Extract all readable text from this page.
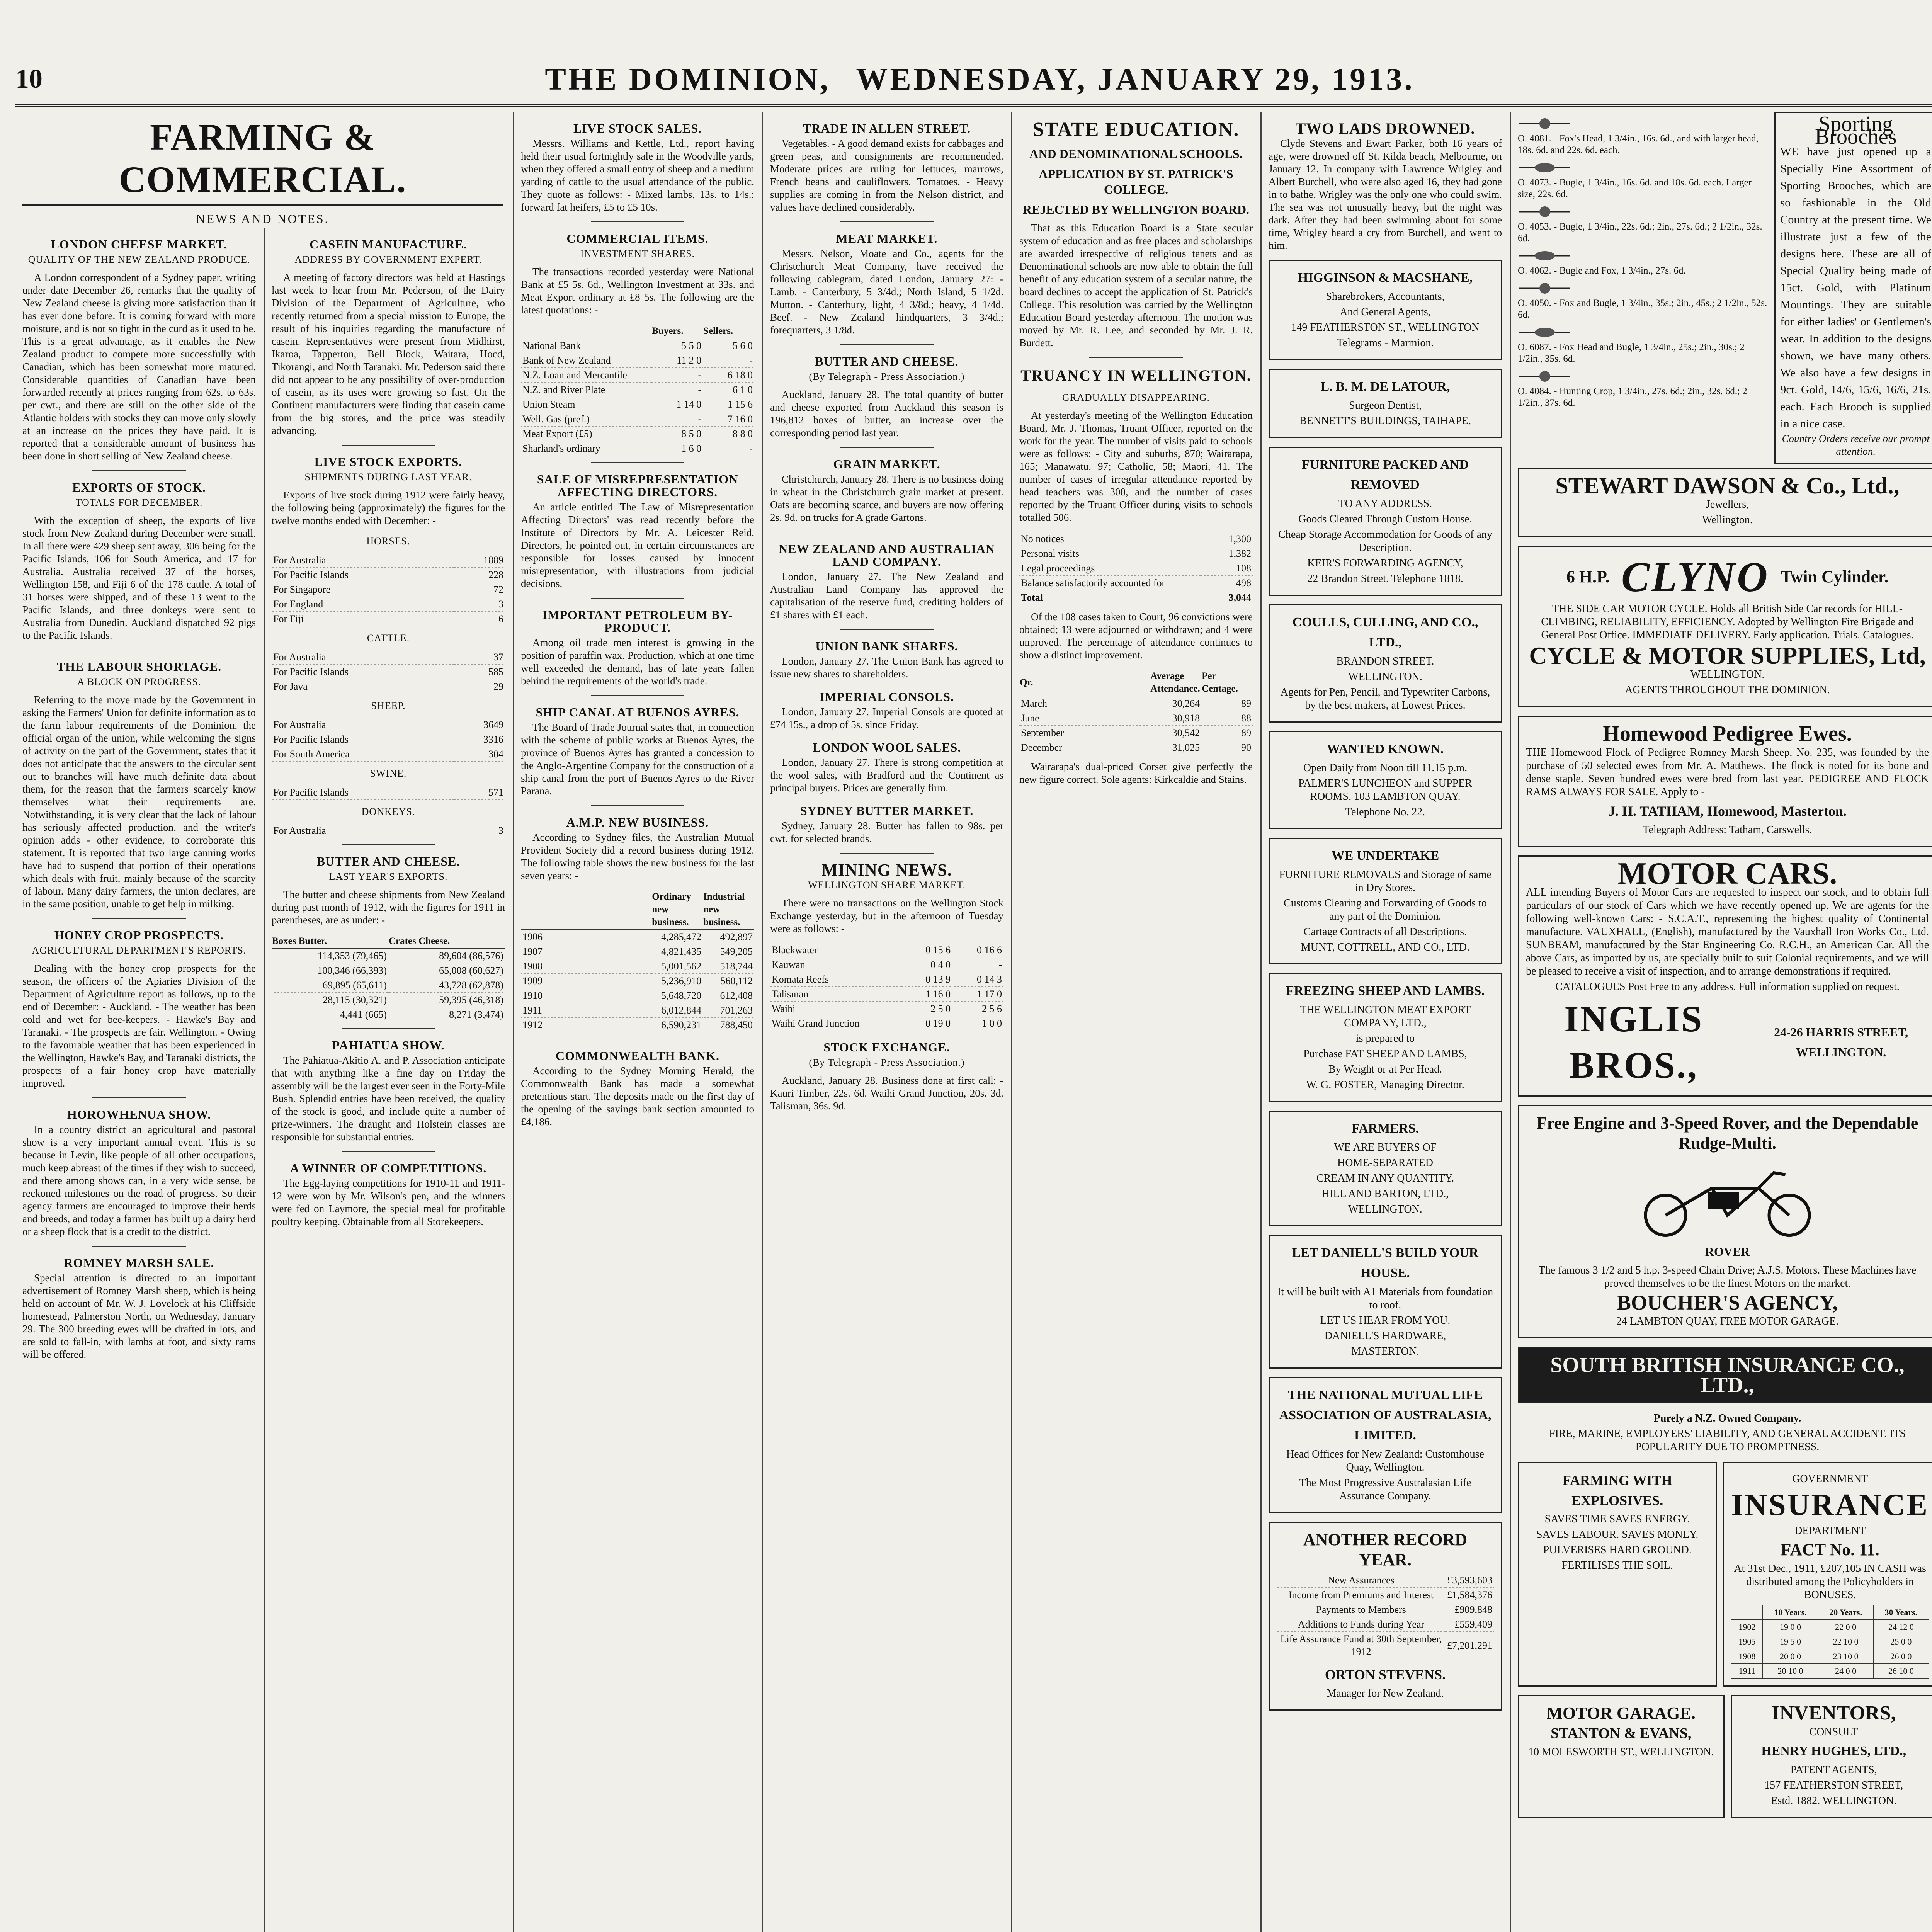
10	THE DOMINION, WEDNESDAY, JANUARY 29, 1913.
FARMING & COMMERCIAL.
NEWS AND NOTES.
LONDON CHEESE MARKET.
QUALITY OF THE NEW ZEALAND PRODUCE.

A London correspondent of a Sydney paper, writing under date December 26, remarks that the quality of New Zealand cheese is giving more satisfaction than it has ever done before. It is coming forward with more moisture, and is not so tight in the curd as it used to be. This is a great advantage, as it enables the New Zealand product to compete more successfully with Canadian, which has been somewhat more matured. Considerable quantities of Canadian have been forwarded recently at prices ranging from 62s. to 63s. per cwt., and there are still on the other side of the Atlantic holders with stocks they can move only slowly at an increase on the prices they have paid. It is reported that a considerable amount of business has been done in short selling of New Zealand cheese.

EXPORTS OF STOCK.
TOTALS FOR DECEMBER.

With the exception of sheep, the exports of live stock from New Zealand during December were small. In all there were 429 sheep sent away, 306 being for the Pacific Islands, 106 for South America, and 17 for Australia. Australia received 37 of the horses, Wellington 158, and Fiji 6 of the 178 cattle. A total of 31 horses were shipped, and of these 13 went to the Pacific Islands, and three donkeys were sent to Australia from Dunedin. Auckland dispatched 92 pigs to the Pacific Islands.

THE LABOUR SHORTAGE.
A BLOCK ON PROGRESS.

Referring to the move made by the Government in asking the Farmers' Union for definite information as to the farm labour requirements of the Dominion, the official organ of the union, while welcoming the signs of activity on the part of the Government, states that it does not anticipate that the answers to the circular sent out to branches will have much definite data about them, for the reason that the farmers scarcely know themselves what their requirements are. Notwithstanding, it is very clear that the lack of labour has seriously affected production, and the writer's opinion adds - other evidence, to corroborate this statement. It is reported that two large canning works have had to suspend that portion of their operations which deals with fruit, mainly because of the scarcity of labour. Many dairy farmers, the union declares, are in the same position, unable to get help in milking.

HONEY CROP PROSPECTS.
AGRICULTURAL DEPARTMENT'S REPORTS.

Dealing with the honey crop prospects for the season, the officers of the Apiaries Division of the Department of Agriculture report as follows, up to the end of December: - Auckland. - The weather has been cold and wet for bee-keepers. - Hawke's Bay and Taranaki. - The prospects are fair. Wellington. - Owing to the favourable weather that has been experienced in the Wellington, Hawke's Bay, and Taranaki districts, the prospects of a fair honey crop have materially improved.

HOROWHENUA SHOW.

In a country district an agricultural and pastoral show is a very important annual event. This is so because in Levin, like people of all other occupations, much keep abreast of the times if they wish to succeed, and there among shows can, in a very wide sense, be reckoned milestones on the road of progress. So their agency farmers are encouraged to improve their herds and breeds, and today a farmer has built up a dairy herd or a sheep flock that is a credit to the district.

ROMNEY MARSH SALE.

Special attention is directed to an important advertisement of Romney Marsh sheep, which is being held on account of Mr. W. J. Lovelock at his Cliffside homestead, Palmerston North, on Wednesday, January 29. The 300 breeding ewes will be drafted in lots, and are sold to fall-in, with lambs at foot, and sixty rams will be offered.

CASEIN MANUFACTURE.
ADDRESS BY GOVERNMENT EXPERT.

A meeting of factory directors was held at Hastings last week to hear from Mr. Pederson, of the Dairy Division of the Department of Agriculture, who recently returned from a special mission to Europe, the result of his inquiries regarding the manufacture of casein. Representatives were present from Midhirst, Ikaroa, Tapperton, Bell Block, Waitara, Hocd, Tikorangi, and North Taranaki. Mr. Pederson said there did not appear to be any possibility of over-production of casein, as its uses were growing so fast. On the Continent manufacturers were finding that casein came from the big stores, and the price was steadily advancing.

LIVE STOCK EXPORTS.
SHIPMENTS DURING LAST YEAR.

Exports of live stock during 1912 were fairly heavy, the following being (approximately) the figures for the twelve months ended with December: -

HORSES.
For Australia	1889
For Pacific Islands	228
For Singapore	72
For England	3
For Fiji	6
CATTLE.
For Australia	37
For Pacific Islands	585
For Java	29
SHEEP.
For Australia	3649
For Pacific Islands	3316
For South America	304
SWINE.
For Pacific Islands	571
DONKEYS.
For Australia	3
BUTTER AND CHEESE.
LAST YEAR'S EXPORTS.

The butter and cheese shipments from New Zealand during past month of 1912, with the figures for 1911 in parentheses, are as under: -

Boxes Butter.	Crates Cheese.
114,353 (79,465)	89,604 (86,576)
100,346 (66,393)	65,008 (60,627)
69,895 (65,611)	43,728 (62,878)
28,115 (30,321)	59,395 (46,318)
4,441 (665)	8,271 (3,474)
PAHIATUA SHOW.

The Pahiatua-Akitio A. and P. Association anticipate that with anything like a fine day on Friday the assembly will be the largest ever seen in the Forty-Mile Bush. Splendid entries have been received, the quality of the stock is good, and include quite a number of prize-winners. The draught and Holstein classes are responsible for substantial entries.

A WINNER OF COMPETITIONS.

The Egg-laying competitions for 1910-11 and 1911-12 were won by Mr. Wilson's pen, and the winners were fed on Laymore, the special meal for profitable poultry keeping. Obtainable from all Storekeepers.

LIVE STOCK SALES.

Messrs. Williams and Kettle, Ltd., report having held their usual fortnightly sale in the Woodville yards, when they offered a small entry of sheep and a medium yarding of cattle to the usual attendance of the public. They quote as follows: - Mixed lambs, 13s. to 14s.; forward fat heifers, £5 to £5 10s.

COMMERCIAL ITEMS.
INVESTMENT SHARES.

The transactions recorded yesterday were National Bank at £5 5s. 6d., Wellington Investment at 33s. and Meat Export ordinary at £8 5s. The following are the latest quotations: -

	Buyers.	Sellers.
National Bank	5 5 0	5 6 0
Bank of New Zealand	11 2 0	-
N.Z. Loan and Mercantile	-	6 18 0
N.Z. and River Plate	-	6 1 0
Union Steam	1 14 0	1 15 6
Well. Gas (pref.)	-	7 16 0
Meat Export (£5)	8 5 0	8 8 0
Sharland's ordinary	1 6 0	-
SALE OF MISREPRESENTATION AFFECTING DIRECTORS.

An article entitled 'The Law of Misrepresentation Affecting Directors' was read recently before the Institute of Directors by Mr. A. Leicester Reid. Directors, he pointed out, in certain circumstances are responsible for losses caused by innocent misrepresentation, with illustrations from judicial decisions.

IMPORTANT PETROLEUM BY-PRODUCT.

Among oil trade men interest is growing in the position of paraffin wax. Production, which at one time well exceeded the demand, has of late years fallen behind the requirements of the world's trade.

SHIP CANAL AT BUENOS AYRES.

The Board of Trade Journal states that, in connection with the scheme of public works at Buenos Ayres, the province of Buenos Ayres has granted a concession to the Anglo-Argentine Company for the construction of a ship canal from the port of Buenos Ayres to the River Parana.

A.M.P. NEW BUSINESS.

According to Sydney files, the Australian Mutual Provident Society did a record business during 1912. The following table shows the new business for the last seven years: -

	Ordinary new business.	Industrial new business.
1906	4,285,472	492,897
1907	4,821,435	549,205
1908	5,001,562	518,744
1909	5,236,910	560,112
1910	5,648,720	612,408
1911	6,012,844	701,263
1912	6,590,231	788,450
COMMONWEALTH BANK.

According to the Sydney Morning Herald, the Commonwealth Bank has made a somewhat pretentious start. The deposits made on the first day of the opening of the savings bank section amounted to £4,186.

TRADE IN ALLEN STREET.

Vegetables. - A good demand exists for cabbages and green peas, and consignments are recommended. Moderate prices are ruling for lettuces, marrows, French beans and cauliflowers. Tomatoes. - Heavy supplies are coming in from the Nelson district, and values have declined considerably.

MEAT MARKET.

Messrs. Nelson, Moate and Co., agents for the Christchurch Meat Company, have received the following cablegram, dated London, January 27: - Lamb. - Canterbury, 5 3/4d.; North Island, 5 1/2d. Mutton. - Canterbury, light, 4 3/8d.; heavy, 4 1/4d. Beef. - New Zealand hindquarters, 3 3/4d.; forequarters, 3 1/8d.

BUTTER AND CHEESE.
(By Telegraph - Press Association.)

Auckland, January 28. The total quantity of butter and cheese exported from Auckland this season is 196,812 boxes of butter, an increase over the corresponding period last year.

GRAIN MARKET.

Christchurch, January 28. There is no business doing in wheat in the Christchurch grain market at present. Oats are becoming scarce, and buyers are now offering 2s. 9d. on trucks for A grade Gartons.

NEW ZEALAND AND AUSTRALIAN LAND COMPANY.

London, January 27. The New Zealand and Australian Land Company has approved the capitalisation of the reserve fund, crediting holders of £1 shares with £1 each.

UNION BANK SHARES.

London, January 27. The Union Bank has agreed to issue new shares to shareholders.

IMPERIAL CONSOLS.

London, January 27. Imperial Consols are quoted at £74 15s., a drop of 5s. since Friday.

LONDON WOOL SALES.

London, January 27. There is strong competition at the wool sales, with Bradford and the Continent as principal buyers. Prices are generally firm.

SYDNEY BUTTER MARKET.

Sydney, January 28. Butter has fallen to 98s. per cwt. for selected brands.

MINING NEWS.
WELLINGTON SHARE MARKET.

There were no transactions on the Wellington Stock Exchange yesterday, but in the afternoon of Tuesday were as follows: -

Blackwater	0 15 6	0 16 6
Kauwan	0 4 0	-
Komata Reefs	0 13 9	0 14 3
Talisman	1 16 0	1 17 0
Waihi	2 5 0	2 5 6
Waihi Grand Junction	0 19 0	1 0 0
STOCK EXCHANGE.
(By Telegraph - Press Association.)

Auckland, January 28. Business done at first call: - Kauri Timber, 22s. 6d. Waihi Grand Junction, 20s. 3d. Talisman, 36s. 9d.

STATE EDUCATION.
AND DENOMINATIONAL SCHOOLS.
APPLICATION BY ST. PATRICK'S COLLEGE.
REJECTED BY WELLINGTON BOARD.

That as this Education Board is a State secular system of education and as free places and scholarships are awarded irrespective of religious tenets and as Denominational schools are now able to obtain the full benefit of any education system of a secular nature, the board declines to accept the application of St. Patrick's College. This resolution was carried by the Wellington Education Board yesterday afternoon. The motion was moved by Mr. R. Lee, and seconded by Mr. J. R. Burdett.

TRUANCY IN WELLINGTON.
GRADUALLY DISAPPEARING.

At yesterday's meeting of the Wellington Education Board, Mr. J. Thomas, Truant Officer, reported on the work for the year. The number of visits paid to schools were as follows: - City and suburbs, 870; Wairarapa, 165; Manawatu, 97; Catholic, 58; Maori, 41. The number of cases of irregular attendance reported by head teachers was 300, and the number of cases reported by the Truant Officer during visits to schools totalled 506.

No notices	1,300
Personal visits	1,382
Legal proceedings	108
Balance satisfactorily accounted for	498
Total	3,044

Of the 108 cases taken to Court, 96 convictions were obtained; 13 were adjourned or withdrawn; and 4 were unproved. The percentage of attendance continues to show a distinct improvement.

Qr.	Average Attendance.	Per Centage.
March	30,264	89
June	30,918	88
September	30,542	89
December	31,025	90

Wairarapa's dual-priced Corset give perfectly the new figure correct. Sole agents: Kirkcaldie and Stains.

TWO LADS DROWNED.

Clyde Stevens and Ewart Parker, both 16 years of age, were drowned off St. Kilda beach, Melbourne, on January 12. In company with Lawrence Wrigley and Albert Burchell, who were also aged 16, they had gone in to bathe. Wrigley was the only one who could swim. The sea was not unusually heavy, but the night was dark. After they had been swimming about for some time, Wrigley heard a cry from Burchell, and went to him.

HIGGINSON & MACSHANE,
Sharebrokers, Accountants,
And General Agents,
149 FEATHERSTON ST., WELLINGTON
Telegrams - Marmion.
L. B. M. DE LATOUR,
Surgeon Dentist,
BENNETT'S BUILDINGS, TAIHAPE.
FURNITURE PACKED AND REMOVED
TO ANY ADDRESS.
Goods Cleared Through Custom House.
Cheap Storage Accommodation for Goods of any Description.
KEIR'S FORWARDING AGENCY,
22 Brandon Street. Telephone 1818.
COULLS, CULLING, AND CO., LTD.,
BRANDON STREET.
WELLINGTON.
Agents for Pen, Pencil, and Typewriter Carbons, by the best makers, at Lowest Prices.
WANTED KNOWN.
Open Daily from Noon till 11.15 p.m.
PALMER'S LUNCHEON and SUPPER ROOMS, 103 LAMBTON QUAY.
Telephone No. 22.
WE UNDERTAKE
FURNITURE REMOVALS and Storage of same in Dry Stores.
Customs Clearing and Forwarding of Goods to any part of the Dominion.
Cartage Contracts of all Descriptions.
MUNT, COTTRELL, AND CO., LTD.
FREEZING SHEEP AND LAMBS.
THE WELLINGTON MEAT EXPORT COMPANY, LTD.,
is prepared to
Purchase FAT SHEEP AND LAMBS,
By Weight or at Per Head.
W. G. FOSTER, Managing Director.
FARMERS.
WE ARE BUYERS OF
HOME-SEPARATED
CREAM IN ANY QUANTITY.
HILL AND BARTON, LTD.,
WELLINGTON.
LET DANIELL'S BUILD YOUR HOUSE.
It will be built with A1 Materials from foundation to roof.
LET US HEAR FROM YOU.
DANIELL'S HARDWARE,
MASTERTON.
THE NATIONAL MUTUAL LIFE ASSOCIATION OF AUSTRALASIA, LIMITED.
Head Offices for New Zealand: Customhouse Quay, Wellington.
The Most Progressive Australasian Life Assurance Company.
ANOTHER RECORD YEAR.
New Assurances	£3,593,603
Income from Premiums and Interest	£1,584,376
Payments to Members	£909,848
Additions to Funds during Year	£559,409
Life Assurance Fund at 30th September, 1912	£7,201,291
ORTON STEVENS.
Manager for New Zealand.
O. 4081. - Fox's Head, 1 3/4in., 16s. 6d., and with larger head, 18s. 6d. and 22s. 6d. each.
O. 4073. - Bugle, 1 3/4in., 16s. 6d. and 18s. 6d. each. Larger size, 22s. 6d.
O. 4053. - Bugle, 1 3/4in., 22s. 6d.; 2in., 27s. 6d.; 2 1/2in., 32s. 6d.
O. 4062. - Bugle and Fox, 1 3/4in., 27s. 6d.
O. 4050. - Fox and Bugle, 1 3/4in., 35s.; 2in., 45s.; 2 1/2in., 52s. 6d.
O. 6087. - Fox Head and Bugle, 1 3/4in., 25s.; 2in., 30s.; 2 1/2in., 35s. 6d.
O. 4084. - Hunting Crop, 1 3/4in., 27s. 6d.; 2in., 32s. 6d.; 2 1/2in., 37s. 6d.
Sporting Brooches
WE have just opened up a Specially Fine Assortment of Sporting Brooches, which are so fashionable in the Old Country at the present time. We illustrate just a few of the designs here. These are all of Special Quality being made of 15ct. Gold, with Platinum Mountings. They are suitable for either ladies' or Gentlemen's wear. In addition to the designs shown, we have many others. We also have a few designs in 9ct. Gold, 14/6, 15/6, 16/6, 21s. each. Each Brooch is supplied in a nice case.
Country Orders receive our prompt attention.
STEWART DAWSON & Co., Ltd.,
Jewellers,
Wellington.
6 H.P. CLYNO Twin Cylinder.
THE SIDE CAR MOTOR CYCLE. Holds all British Side Car records for HILL-CLIMBING, RELIABILITY, EFFICIENCY. Adopted by Wellington Fire Brigade and General Post Office. IMMEDIATE DELIVERY. Early application. Trials. Catalogues.
CYCLE & MOTOR SUPPLIES, Ltd,
WELLINGTON.
AGENTS THROUGHOUT THE DOMINION.
Homewood Pedigree Ewes.
THE Homewood Flock of Pedigree Romney Marsh Sheep, No. 235, was founded by the purchase of 50 selected ewes from Mr. A. Matthews. The flock is noted for its bone and dense staple. Seven hundred ewes were bred from last year. PEDIGREE AND FLOCK RAMS ALWAYS FOR SALE. Apply to -
J. H. TATHAM, Homewood, Masterton.
Telegraph Address: Tatham, Carswells.
MOTOR CARS.
ALL intending Buyers of Motor Cars are requested to inspect our stock, and to obtain full particulars of our stock of Cars which we have recently opened up. We are agents for the following well-known Cars: - S.C.A.T., representing the highest quality of Continental manufacture. VAUXHALL, (English), manufactured by the Vauxhall Iron Works Co., Ltd. SUNBEAM, manufactured by the Star Engineering Co. R.C.H., an American Car. All the above Cars, as imported by us, are specially built to suit Colonial requirements, and we will be pleased to receive a visit of inspection, and to arrange demonstrations if required.
CATALOGUES Post Free to any address. Full information supplied on request.
INGLIS BROS.,
24-26 HARRIS STREET, WELLINGTON.
Free Engine and 3-Speed Rover, and the Dependable Rudge-Multi.
ROVER
The famous 3 1/2 and 5 h.p. 3-speed Chain Drive; A.J.S. Motors. These Machines have proved themselves to be the finest Motors on the market.
BOUCHER'S AGENCY,
24 LAMBTON QUAY, FREE MOTOR GARAGE.
SOUTH BRITISH INSURANCE CO., LTD.,
Purely a N.Z. Owned Company.
FIRE, MARINE, EMPLOYERS' LIABILITY, AND GENERAL ACCIDENT. ITS POPULARITY DUE TO PROMPTNESS.
FARMING WITH EXPLOSIVES.
SAVES TIME SAVES ENERGY.
SAVES LABOUR. SAVES MONEY.
PULVERISES HARD GROUND.
FERTILISES THE SOIL.
GOVERNMENT
INSURANCE
DEPARTMENT
FACT No. 11.
At 31st Dec., 1911, £207,105 IN CASH was distributed among the Policyholders in BONUSES.
	10 Years.	20 Years.	30 Years.
1902	19 0 0	22 0 0	24 12 0
1905	19 5 0	22 10 0	25 0 0
1908	20 0 0	23 10 0	26 0 0
1911	20 10 0	24 0 0	26 10 0
MOTOR GARAGE.
STANTON & EVANS,
10 MOLESWORTH ST., WELLINGTON.
INVENTORS,
CONSULT
HENRY HUGHES, LTD.,
PATENT AGENTS,
157 FEATHERSTON STREET,
Estd. 1882. WELLINGTON.
